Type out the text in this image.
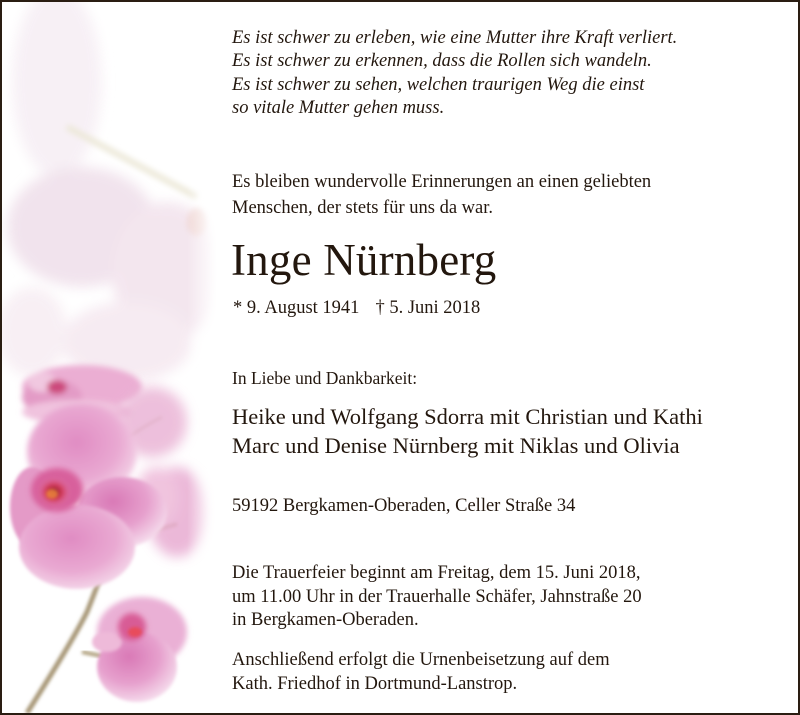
Es ist schwer zu erleben, wie eine Mutter ihre Kraft verliert.
Es ist schwer zu erkennen, dass die Rollen sich wandeln.
Es ist schwer zu sehen, welchen traurigen Weg die einst
so vitale Mutter gehen muss.
Es bleiben wundervolle Erinnerungen an einen geliebten
Menschen, der stets für uns da war.
Inge Nürnberg
* 9. August 1941 † 5. Juni 2018
In Liebe und Dankbarkeit:
Heike und Wolfgang Sdorra mit Christian und Kathi
Marc und Denise Nürnberg mit Niklas und Olivia
59192 Bergkamen-Oberaden, Celler Straße 34
Die Trauerfeier beginnt am Freitag, dem 15. Juni 2018,
um 11.00 Uhr in der Trauerhalle Schäfer, Jahnstraße 20
in Bergkamen-Oberaden.
Anschließend erfolgt die Urnenbeisetzung auf dem
Kath. Friedhof in Dortmund-Lanstrop.
